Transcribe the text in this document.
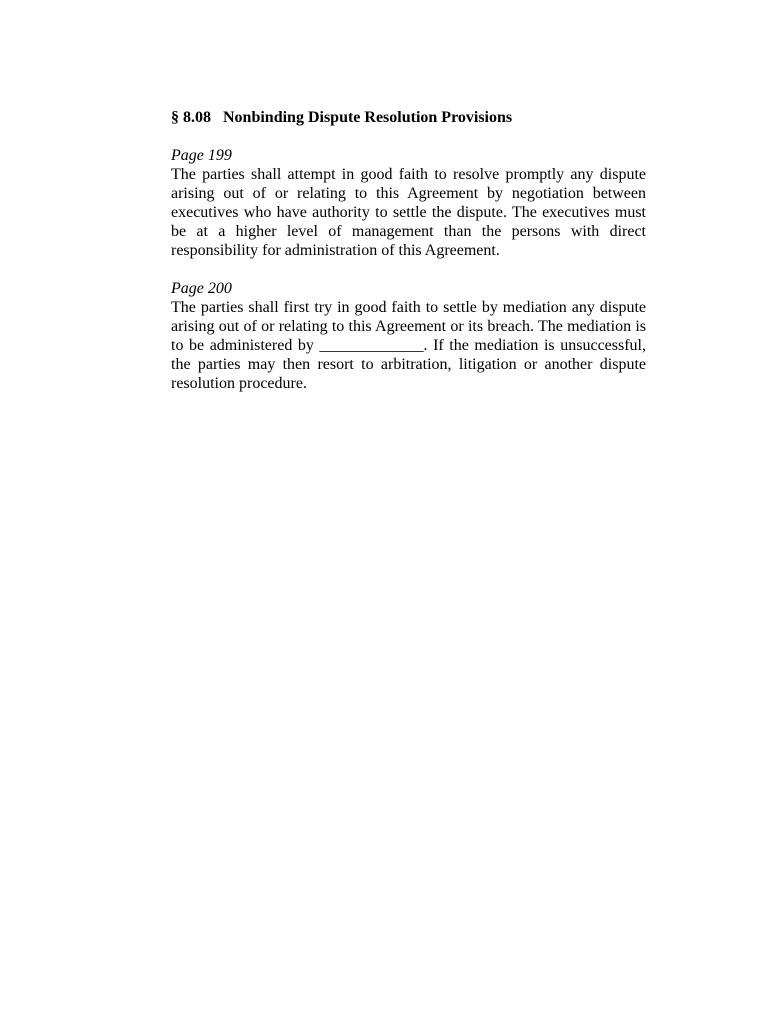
§ 8.08   Nonbinding Dispute Resolution Provisions
Page 199

The parties shall attempt in good faith to resolve promptly any dispute arising out of or relating to this Agreement by negotiation between executives who have authority to settle the dispute. The executives must be at a higher level of management than the persons with direct responsibility for administration of this Agreement.

Page 200

The parties shall first try in good faith to settle by mediation any dispute arising out of or relating to this Agreement or its breach. The mediation is to be administered by _____________. If the mediation is unsuccessful, the parties may then resort to arbitration, litigation or another dispute resolution procedure.
